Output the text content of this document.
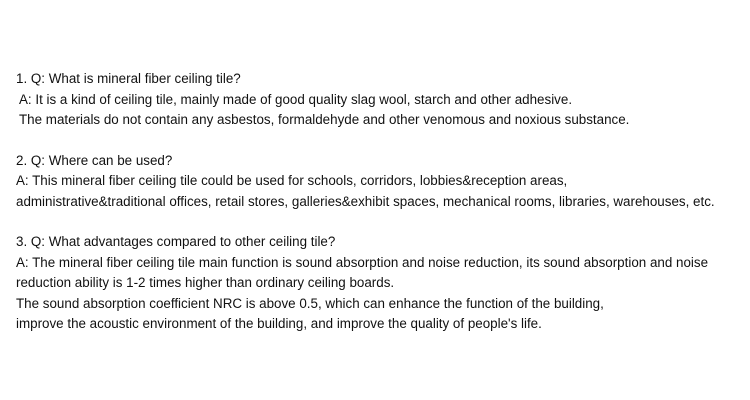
1. Q: What is mineral fiber ceiling tile?
A: It is a kind of ceiling tile, mainly made of good quality slag wool, starch and other adhesive.
The materials do not contain any asbestos, formaldehyde and other venomous and noxious substance.
2. Q: Where can be used?
A: This mineral fiber ceiling tile could be used for schools, corridors, lobbies&reception areas,
administrative&traditional offices, retail stores, galleries&exhibit spaces, mechanical rooms, libraries, warehouses, etc.
3. Q: What advantages compared to other ceiling tile?
A: The mineral fiber ceiling tile main function is sound absorption and noise reduction, its sound absorption and noise
reduction ability is 1-2 times higher than ordinary ceiling boards.
The sound absorption coefficient NRC is above 0.5, which can enhance the function of the building,
improve the acoustic environment of the building, and improve the quality of people's life.
